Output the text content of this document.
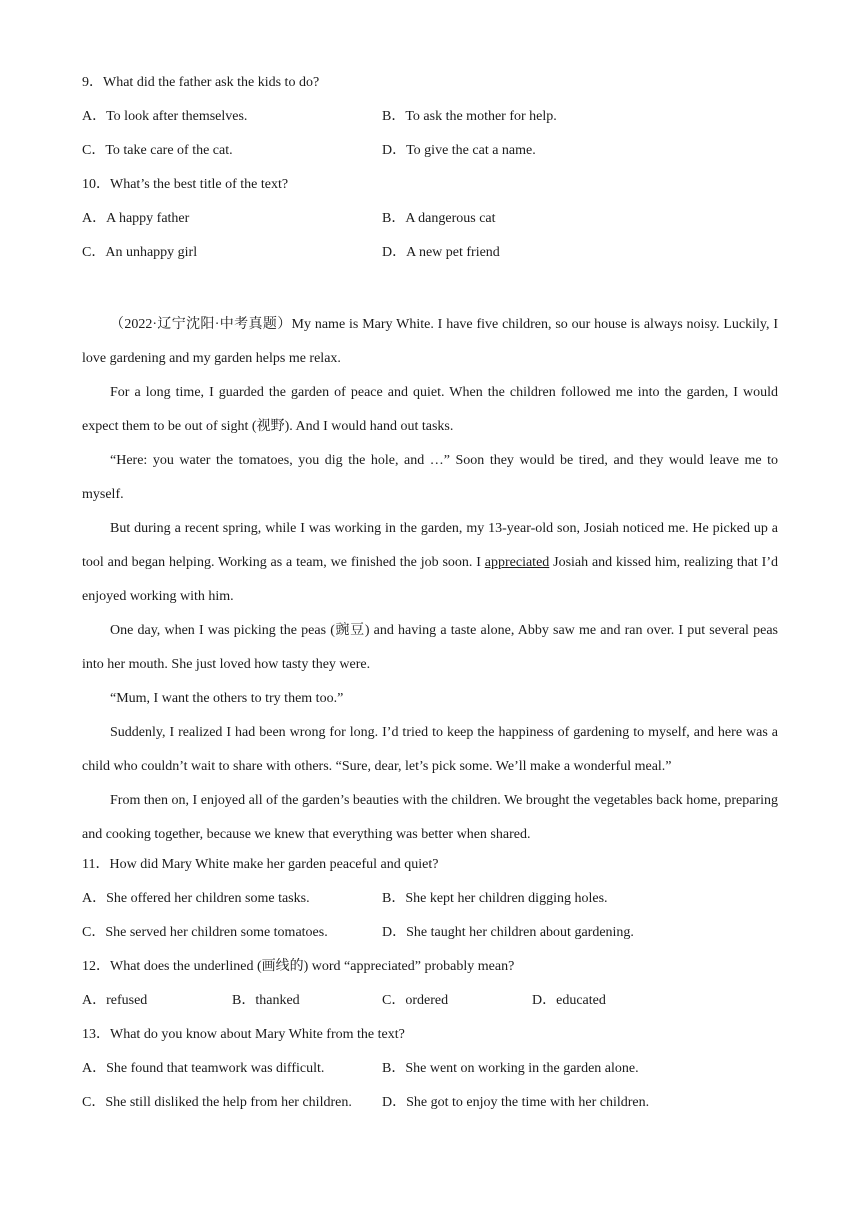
9．What did the father ask the kids to do?
A．To look after themselves.	B．To ask the mother for help.
C．To take care of the cat.	D．To give the cat a name.
10．What’s the best title of the text?
A．A happy father	B．A dangerous cat
C．An unhappy girl	D．A new pet friend

（2022·辽宁沈阳·中考真题）My name is Mary White. I have five children, so our house is always noisy. Luckily, I love gardening and my garden helps me relax.

For a long time, I guarded the garden of peace and quiet. When the children followed me into the garden, I would expect them to be out of sight (视野). And I would hand out tasks.

“Here: you water the tomatoes, you dig the hole, and …” Soon they would be tired, and they would leave me to myself.

But during a recent spring, while I was working in the garden, my 13-year-old son, Josiah noticed me. He picked up a tool and began helping. Working as a team, we finished the job soon. I appreciated Josiah and kissed him, realizing that I’d enjoyed working with him.

One day, when I was picking the peas (豌豆) and having a taste alone, Abby saw me and ran over. I put several peas into her mouth. She just loved how tasty they were.

“Mum, I want the others to try them too.”

Suddenly, I realized I had been wrong for long. I’d tried to keep the happiness of gardening to myself, and here was a child who couldn’t wait to share with others. “Sure, dear, let’s pick some. We’ll make a wonderful meal.”

From then on, I enjoyed all of the garden’s beauties with the children. We brought the vegetables back home, preparing and cooking together, because we knew that everything was better when shared.

11．How did Mary White make her garden peaceful and quiet?
A．She offered her children some tasks.	B．She kept her children digging holes.
C．She served her children some tomatoes.	D．She taught her children about gardening.
12．What does the underlined (画线的) word “appreciated” probably mean?
A．refused	B．thanked	C．ordered	D．educated
13．What do you know about Mary White from the text?
A．She found that teamwork was difficult.	B．She went on working in the garden alone.
C．She still disliked the help from her children.	D．She got to enjoy the time with her children.
